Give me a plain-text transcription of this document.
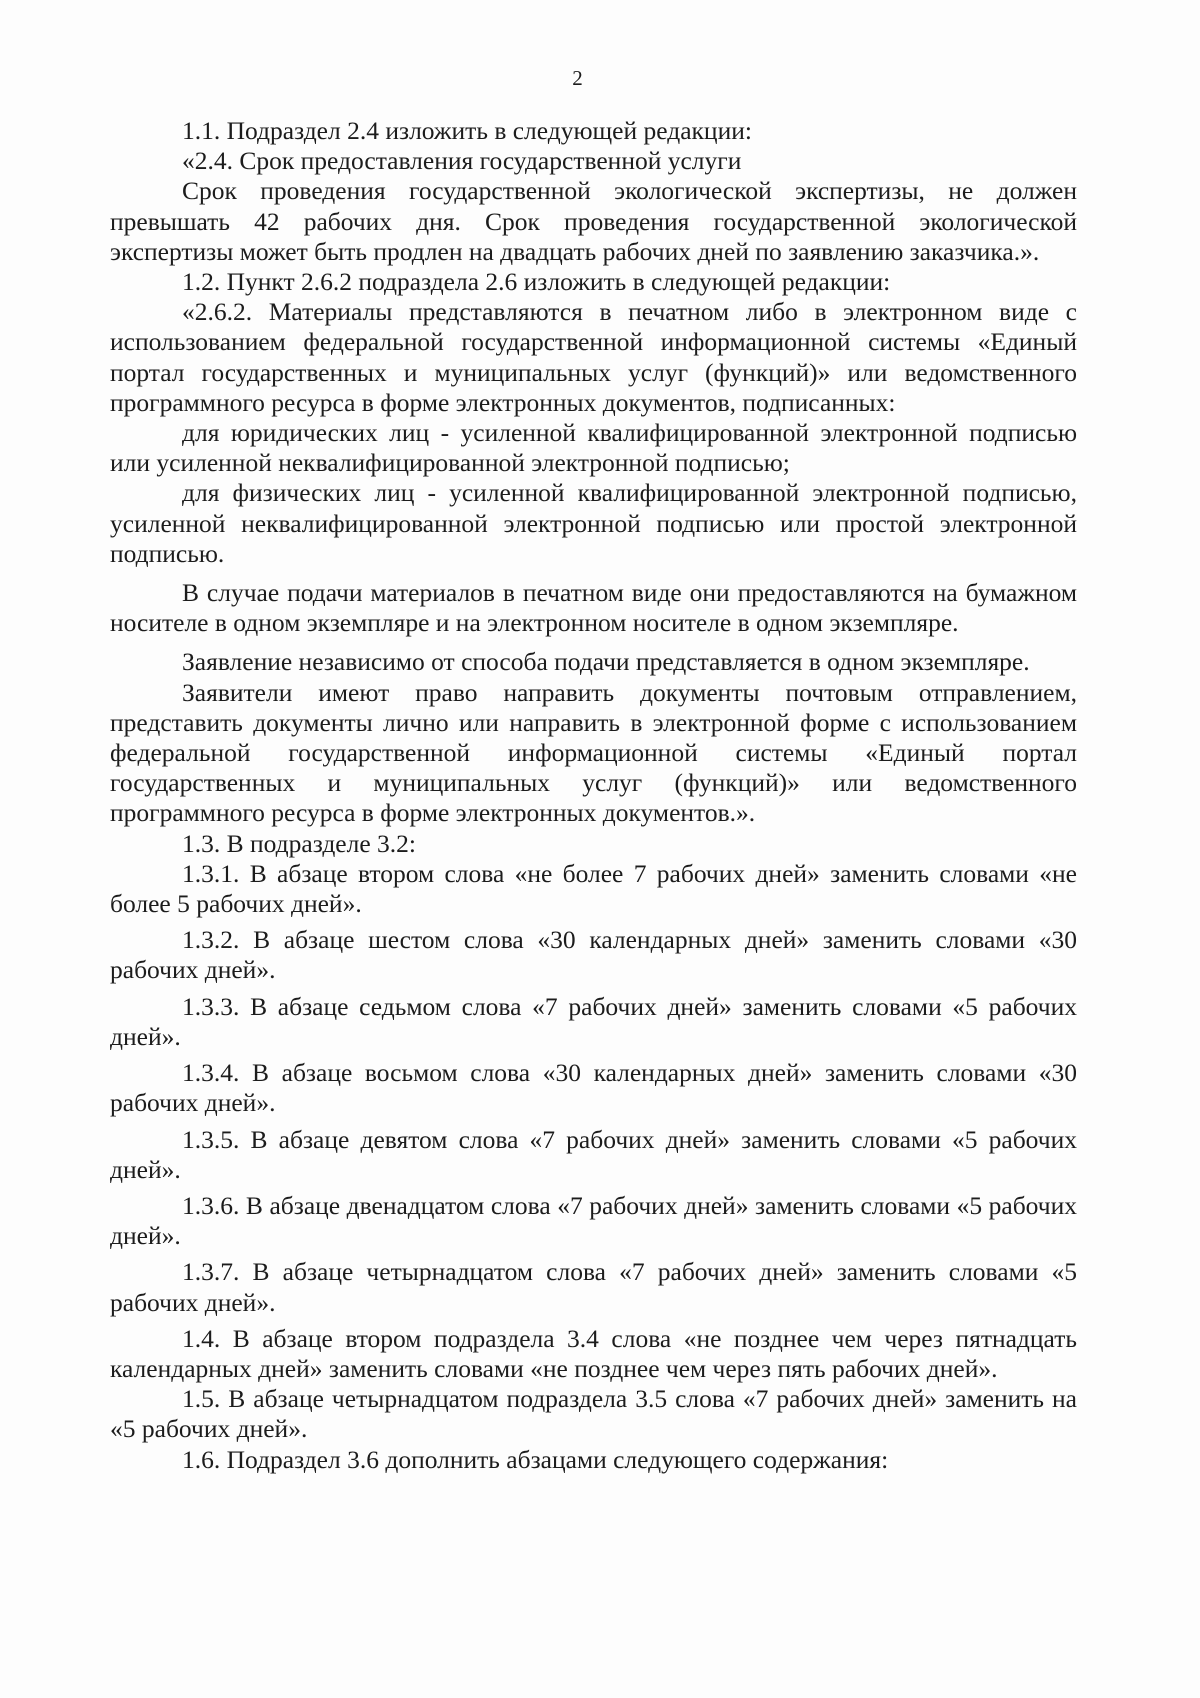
2

1.1. Подраздел 2.4 изложить в следующей редакции:

«2.4. Срок предоставления государственной услуги

Срок проведения государственной экологической экспертизы, не должен превышать 42 рабочих дня. Срок проведения государственной экологической экспертизы может быть продлен на двадцать рабочих дней по заявлению заказчика.».

1.2. Пункт 2.6.2 подраздела 2.6 изложить в следующей редакции:

«2.6.2. Материалы представляются в печатном либо в электронном виде с использованием федеральной государственной информационной системы «Единый портал государственных и муниципальных услуг (функций)» или ведомственного программного ресурса в форме электронных документов, подписанных:

для юридических лиц - усиленной квалифицированной электронной подписью или усиленной неквалифицированной электронной подписью;

для физических лиц - усиленной квалифицированной электронной подписью, усиленной неквалифицированной электронной подписью или простой электронной подписью.

В случае подачи материалов в печатном виде они предоставляются на бумажном носителе в одном экземпляре и на электронном носителе в одном экземпляре.

Заявление независимо от способа подачи представляется в одном экземпляре.

Заявители имеют право направить документы почтовым отправлением, представить документы лично или направить в электронной форме с использованием федеральной государственной информационной системы «Единый портал государственных и муниципальных услуг (функций)» или ведомственного программного ресурса в форме электронных документов.».

1.3. В подразделе 3.2:

1.3.1. В абзаце втором слова «не более 7 рабочих дней» заменить словами «не более 5 рабочих дней».

1.3.2. В абзаце шестом слова «30 календарных дней» заменить словами «30 рабочих дней».

1.3.3. В абзаце седьмом слова «7 рабочих дней» заменить словами «5 рабочих дней».

1.3.4. В абзаце восьмом слова «30 календарных дней» заменить словами «30 рабочих дней».

1.3.5. В абзаце девятом слова «7 рабочих дней» заменить словами «5 рабочих дней».

1.3.6. В абзаце двенадцатом слова «7 рабочих дней» заменить словами «5 рабочих дней».

1.3.7. В абзаце четырнадцатом слова «7 рабочих дней» заменить словами «5 рабочих дней».

1.4. В абзаце втором подраздела 3.4 слова «не позднее чем через пятнадцать календарных дней» заменить словами «не позднее чем через пять рабочих дней».

1.5. В абзаце четырнадцатом подраздела 3.5 слова «7 рабочих дней» заменить на «5 рабочих дней».

1.6. Подраздел 3.6 дополнить абзацами следующего содержания:
